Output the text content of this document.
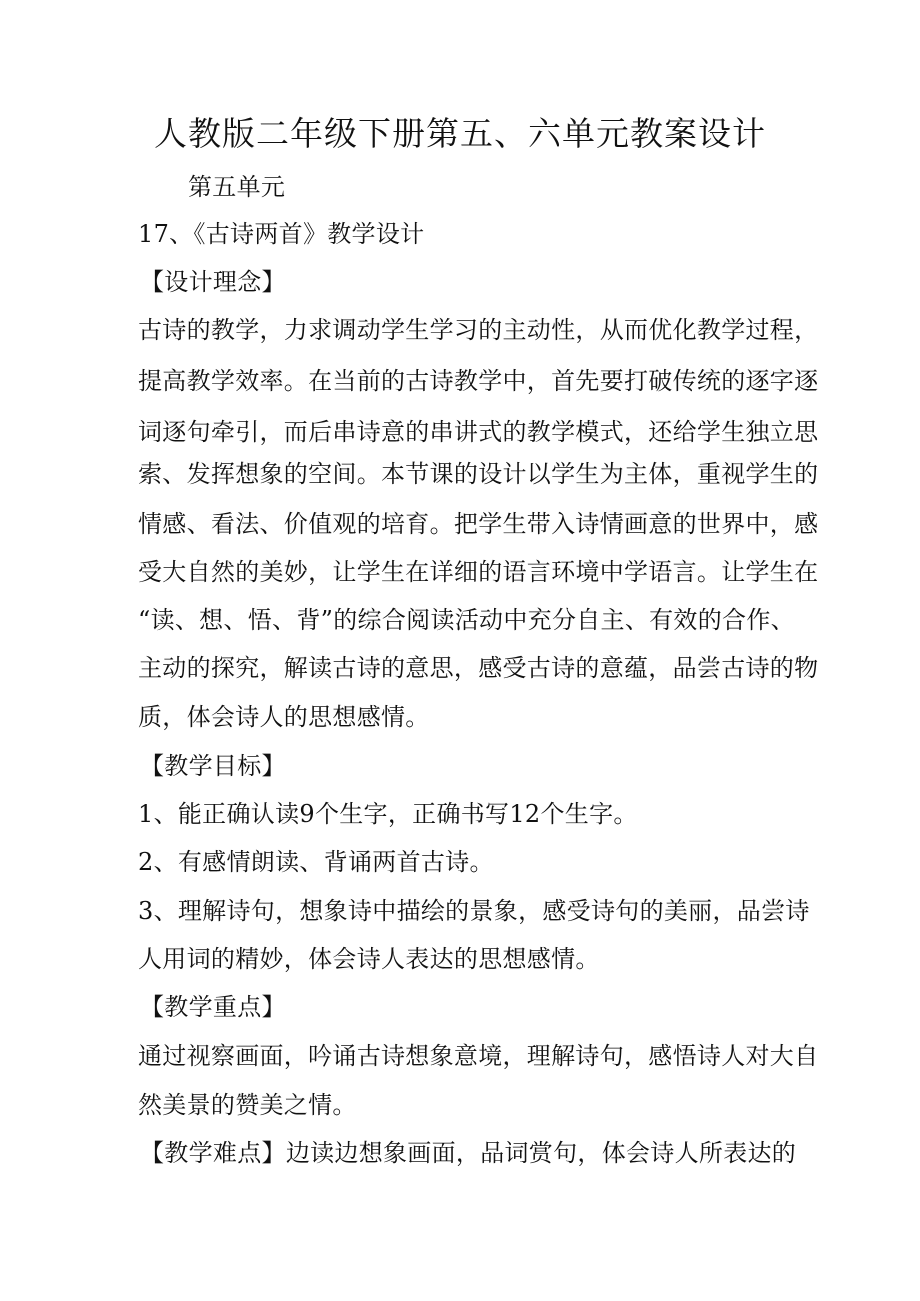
人教版二年级下册第五、六单元教案设计
第五单元
17、《古诗两首》教学设计
【设计理念】
古诗的教学，力求调动学生学习的主动性，从而优化教学过程，
提高教学效率。在当前的古诗教学中，首先要打破传统的逐字逐
词逐句牵引，而后串诗意的串讲式的教学模式，还给学生独立思
索、发挥想象的空间。本节课的设计以学生为主体，重视学生的
情感、看法、价值观的培育。把学生带入诗情画意的世界中，感
受大自然的美妙，让学生在详细的语言环境中学语言。让学生在
“读、想、悟、背”的综合阅读活动中充分自主、有效的合作、
主动的探究，解读古诗的意思，感受古诗的意蕴，品尝古诗的物
质，体会诗人的思想感情。
【教学目标】
1、能正确认读9个生字，正确书写12个生字。
2、有感情朗读、背诵两首古诗。
3、理解诗句，想象诗中描绘的景象，感受诗句的美丽，品尝诗
人用词的精妙，体会诗人表达的思想感情。
【教学重点】
通过视察画面，吟诵古诗想象意境，理解诗句，感悟诗人对大自
然美景的赞美之情。
【教学难点】边读边想象画面，品词赏句，体会诗人所表达的
